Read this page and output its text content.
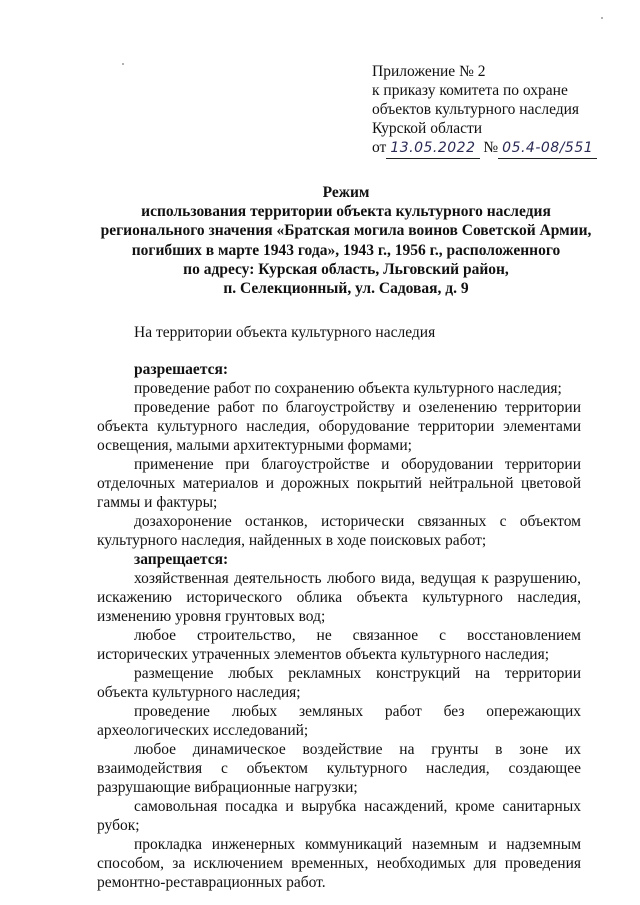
Приложение № 2
к приказу комитета по охране
объектов культурного наследия
Курской области
от 13.05.2022 № 05.4-08/551
Режим
использования территории объекта культурного наследия
регионального значения «Братская могила воинов Советской Армии,
погибших в марте 1943 года», 1943 г., 1956 г., расположенного
по адресу: Курская область, Льговский район,
п. Селекционный, ул. Садовая, д. 9
На территории объекта культурного наследия
разрешается:
проведение работ по сохранению объекта культурного наследия;
проведение работ по благоустройству и озеленению территории объекта культурного наследия, оборудование территории элементами освещения, малыми архитектурными формами;
применение при благоустройстве и оборудовании территории отделочных материалов и дорожных покрытий нейтральной цветовой гаммы и фактуры;
дозахоронение останков, исторически связанных с объектом культурного наследия, найденных в ходе поисковых работ;
запрещается:
хозяйственная деятельность любого вида, ведущая к разрушению, искажению исторического облика объекта культурного наследия, изменению уровня грунтовых вод;
любое строительство, не связанное с восстановлением исторических утраченных элементов объекта культурного наследия;
размещение любых рекламных конструкций на территории объекта культурного наследия;
проведение любых земляных работ без опережающих археологических исследований;
любое динамическое воздействие на грунты в зоне их взаимодействия с объектом культурного наследия, создающее разрушающие вибрационные нагрузки;
самовольная посадка и вырубка насаждений, кроме санитарных рубок;
прокладка инженерных коммуникаций наземным и надземным способом, за исключением временных, необходимых для проведения ремонтно-реставрационных работ.
